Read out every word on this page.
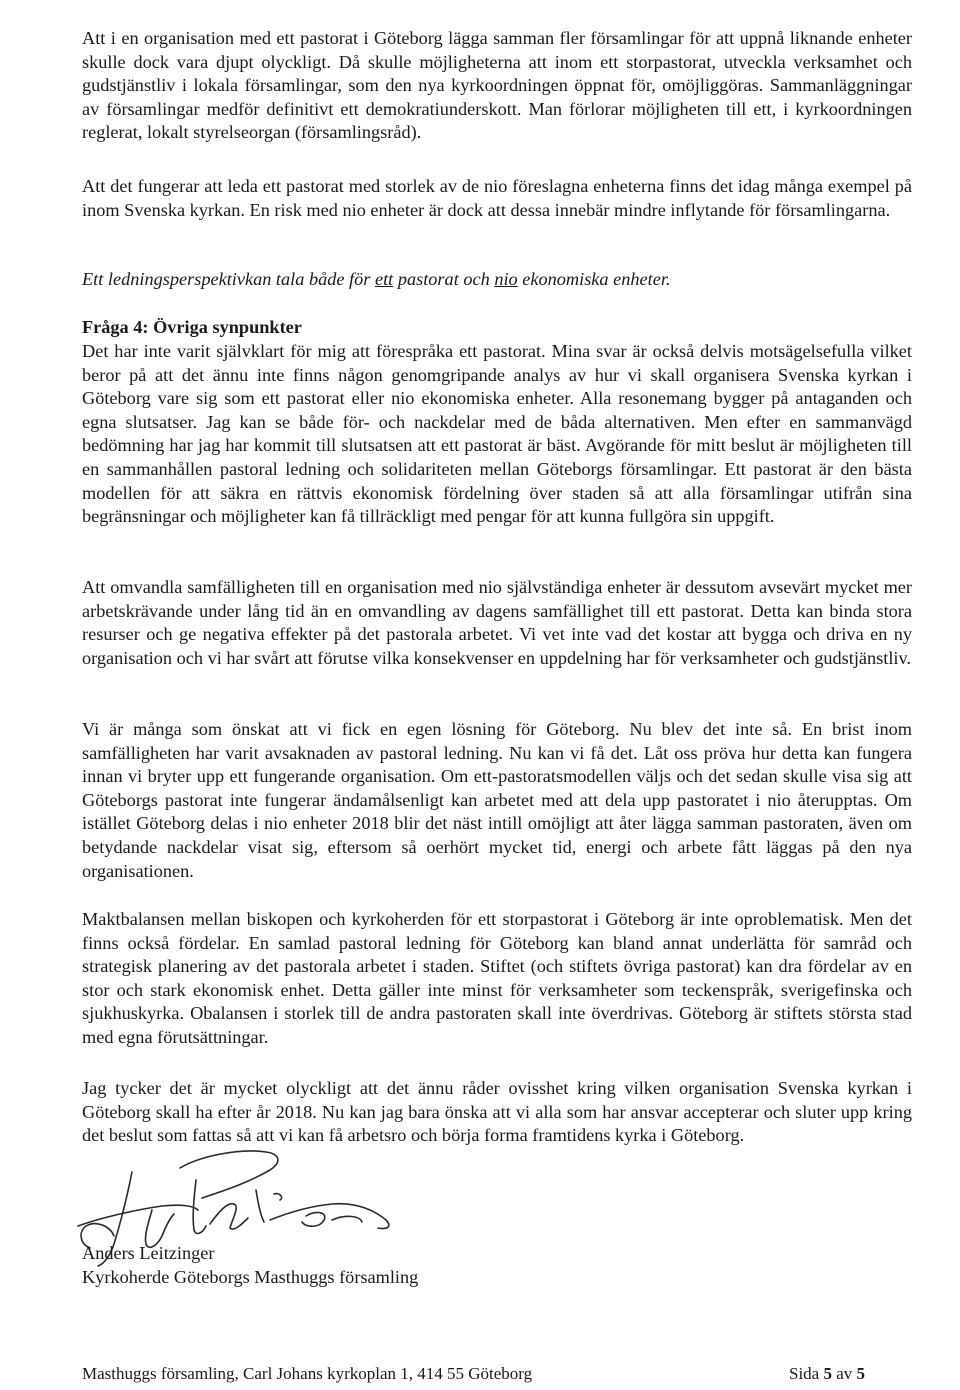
Att i en organisation med ett pastorat i Göteborg lägga samman fler församlingar för att uppnå liknande enheter skulle dock vara djupt olyckligt. Då skulle möjligheterna att inom ett storpastorat, utveckla verksamhet och gudstjänstliv i lokala församlingar, som den nya kyrkoordningen öppnat för, omöjliggöras. Sammanläggningar av församlingar medför definitivt ett demokratiunderskott. Man förlorar möjligheten till ett, i kyrkoordningen reglerat, lokalt styrelseorgan (församlingsråd).

Att det fungerar att leda ett pastorat med storlek av de nio föreslagna enheterna finns det idag många exempel på inom Svenska kyrkan. En risk med nio enheter är dock att dessa innebär mindre inflytande för församlingarna.

Ett ledningsperspektivkan tala både för ett pastorat och nio ekonomiska enheter.

Fråga 4: Övriga synpunkter

Det har inte varit självklart för mig att förespråka ett pastorat. Mina svar är också delvis motsägelsefulla vilket beror på att det ännu inte finns någon genomgripande analys av hur vi skall organisera Svenska kyrkan i Göteborg vare sig som ett pastorat eller nio ekonomiska enheter. Alla resonemang bygger på antaganden och egna slutsatser. Jag kan se både för- och nackdelar med de båda alternativen. Men efter en sammanvägd bedömning har jag har kommit till slutsatsen att ett pastorat är bäst. Avgörande för mitt beslut är möjligheten till en sammanhållen pastoral ledning och solidariteten mellan Göteborgs församlingar. Ett pastorat är den bästa modellen för att säkra en rättvis ekonomisk fördelning över staden så att alla församlingar utifrån sina begränsningar och möjligheter kan få tillräckligt med pengar för att kunna fullgöra sin uppgift.

Att omvandla samfälligheten till en organisation med nio självständiga enheter är dessutom avsevärt mycket mer arbetskrävande under lång tid än en omvandling av dagens samfällighet till ett pastorat. Detta kan binda stora resurser och ge negativa effekter på det pastorala arbetet. Vi vet inte vad det kostar att bygga och driva en ny organisation och vi har svårt att förutse vilka konsekvenser en uppdelning har för verksamheter och gudstjänstliv.

Vi är många som önskat att vi fick en egen lösning för Göteborg. Nu blev det inte så. En brist inom samfälligheten har varit avsaknaden av pastoral ledning. Nu kan vi få det. Låt oss pröva hur detta kan fungera innan vi bryter upp ett fungerande organisation. Om ett-pastoratsmodellen väljs och det sedan skulle visa sig att Göteborgs pastorat inte fungerar ändamålsenligt kan arbetet med att dela upp pastoratet i nio återupptas. Om istället Göteborg delas i nio enheter 2018 blir det näst intill omöjligt att åter lägga samman pastoraten, även om betydande nackdelar visat sig, eftersom så oerhört mycket tid, energi och arbete fått läggas på den nya organisationen.

Maktbalansen mellan biskopen och kyrkoherden för ett storpastorat i Göteborg är inte oproblematisk. Men det finns också fördelar. En samlad pastoral ledning för Göteborg kan bland annat underlätta för samråd och strategisk planering av det pastorala arbetet i staden. Stiftet (och stiftets övriga pastorat) kan dra fördelar av en stor och stark ekonomisk enhet. Detta gäller inte minst för verksamheter som teckenspråk, sverigefinska och sjukhuskyrka. Obalansen i storlek till de andra pastoraten skall inte överdrivas. Göteborg är stiftets största stad med egna förutsättningar.

Jag tycker det är mycket olyckligt att det ännu råder ovisshet kring vilken organisation Svenska kyrkan i Göteborg skall ha efter år 2018. Nu kan jag bara önska att vi alla som har ansvar accepterar och sluter upp kring det beslut som fattas så att vi kan få arbetsro och börja forma framtidens kyrka i Göteborg.

Anders Leitzinger
Kyrkoherde Göteborgs Masthuggs församling
Masthuggs församling, Carl Johans kyrkoplan 1, 414 55 Göteborg	Sida 5 av 5
